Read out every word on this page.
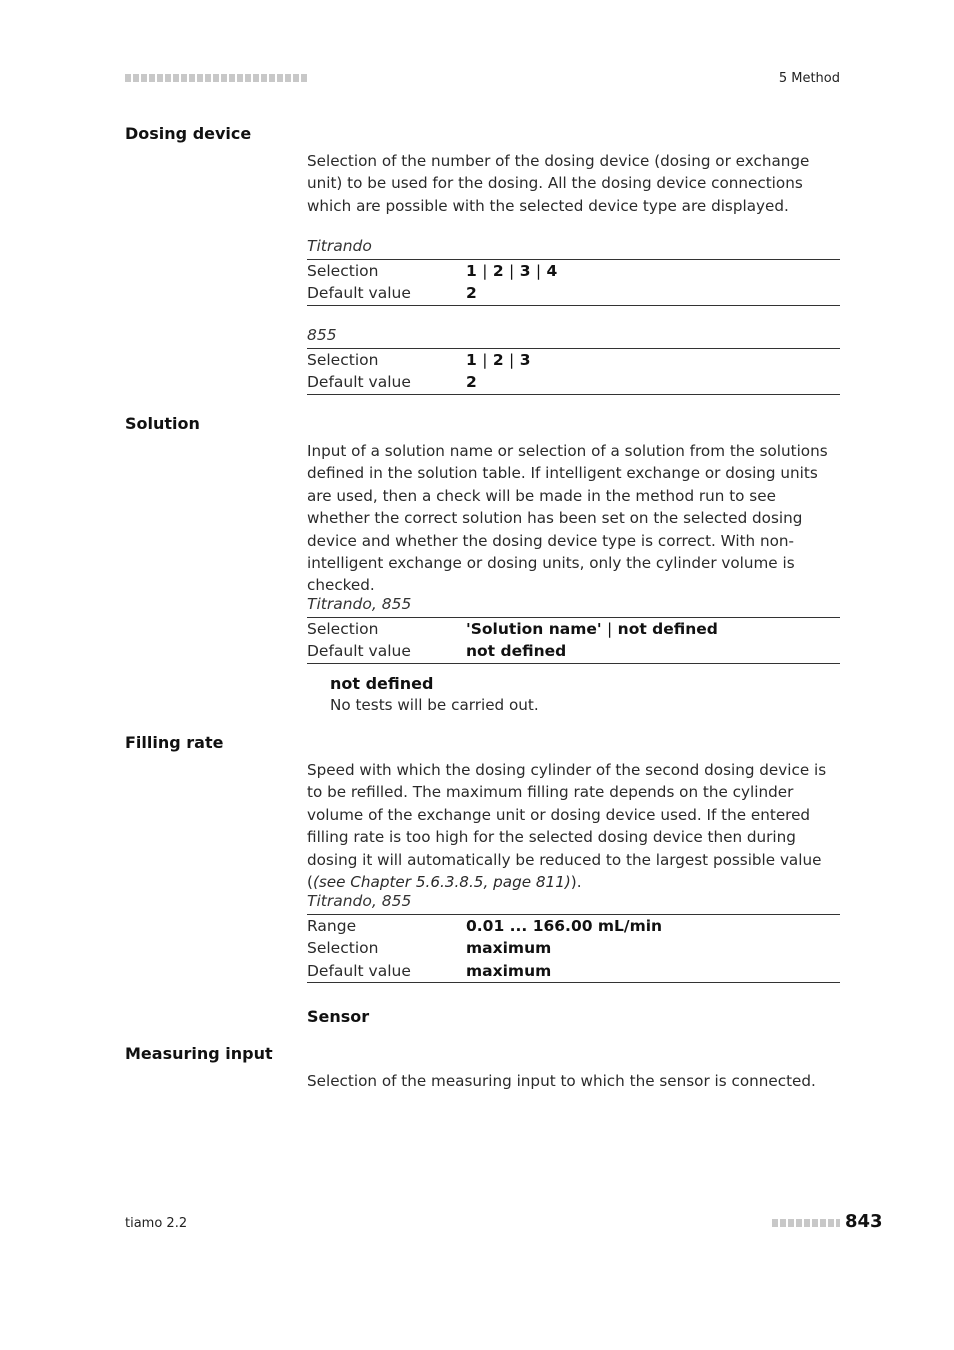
5 Method
Dosing device
Selection of the number of the dosing device (dosing or exchange unit) to be used for the dosing. All the dosing device connections which are possible with the selected device type are displayed.
Titrando
Selection	1 | 2 | 3 | 4
Default value	2
855
Selection	1 | 2 | 3
Default value	2
Solution
Input of a solution name or selection of a solution from the solutions defined in the solution table. If intelligent exchange or dosing units are used, then a check will be made in the method run to see whether the correct solution has been set on the selected dosing device and whether the dosing device type is correct. With non-intelligent exchange or dosing units, only the cylinder volume is checked.
Titrando, 855
Selection	'Solution name' | not defined
Default value	not defined
not defined
No tests will be carried out.
Filling rate
Speed with which the dosing cylinder of the second dosing device is to be refilled. The maximum filling rate depends on the cylinder volume of the exchange unit or dosing device used. If the entered filling rate is too high for the selected dosing device then during dosing it will automatically be reduced to the largest possible value ((see Chapter 5.6.3.8.5, page 811)).
Titrando, 855
Range	0.01 ... 166.00 mL/min
Selection	maximum
Default value	maximum
Sensor
Measuring input
Selection of the measuring input to which the sensor is connected.
tiamo 2.2	843
